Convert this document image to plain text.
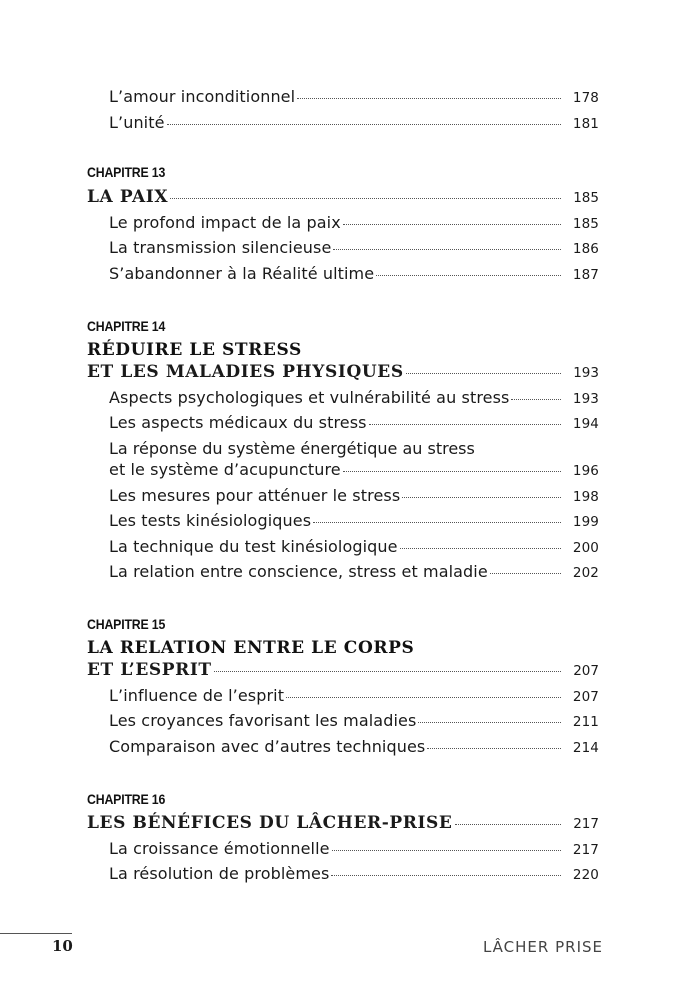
L’amour inconditionnel	178
L’unité	181
CHAPITRE 13
LA PAIX	185
Le profond impact de la paix	185
La transmission silencieuse	186
S’abandonner à la Réalité ultime	187
CHAPITRE 14
RÉDUIRE LE STRESS
ET LES MALADIES PHYSIQUES	193
Aspects psychologiques et vulnérabilité au stress	193
Les aspects médicaux du stress	194
La réponse du système énergétique au stress
et le système d’acupuncture	196
Les mesures pour atténuer le stress	198
Les tests kinésiologiques	199
La technique du test kinésiologique	200
La relation entre conscience, stress et maladie	202
CHAPITRE 15
LA RELATION ENTRE LE CORPS
ET L’ESPRIT	207
L’influence de l’esprit	207
Les croyances favorisant les maladies	211
Comparaison avec d’autres techniques	214
CHAPITRE 16
LES BÉNÉFICES DU LÂCHER-PRISE	217
La croissance émotionnelle	217
La résolution de problèmes	220
10	LÂCHER PRISE
